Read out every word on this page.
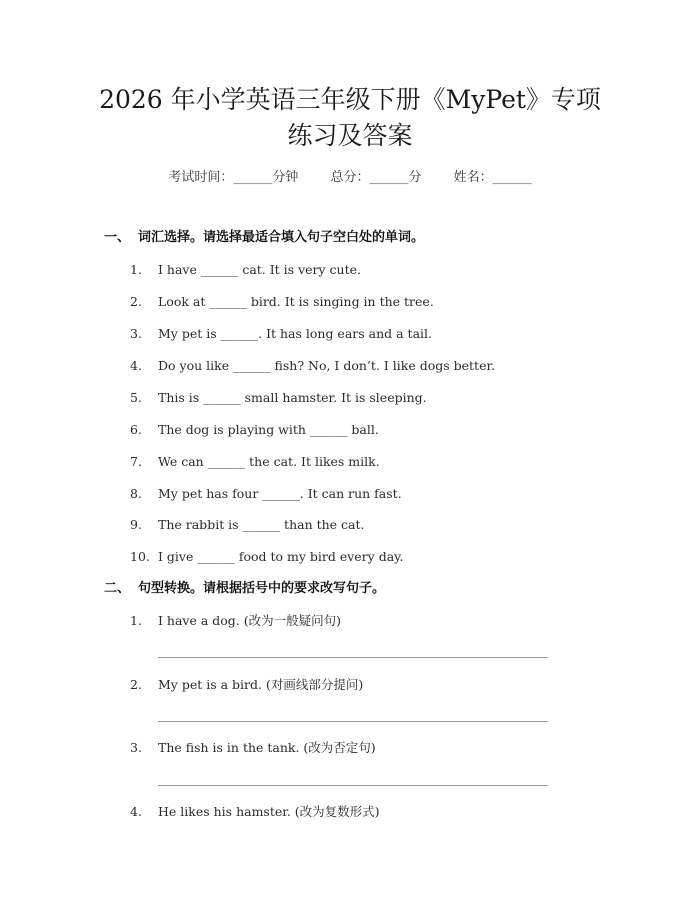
2026 年小学英语三年级下册《MyPet》专项
练习及答案
考试时间：______分钟 总分：______分 姓名：______
一、 词汇选择。请选择最适合填入句子空白处的单词。
1. I have ______ cat. It is very cute.
2. Look at ______ bird. It is singing in the tree.
3. My pet is ______. It has long ears and a tail.
4. Do you like ______ fish? No, I don’t. I like dogs better.
5. This is ______ small hamster. It is sleeping.
6. The dog is playing with ______ ball.
7. We can ______ the cat. It likes milk.
8. My pet has four ______. It can run fast.
9. The rabbit is ______ than the cat.
10. I give ______ food to my bird every day.
二、 句型转换。请根据括号中的要求改写句子。
1. I have a dog. (改为一般疑问句)
2. My pet is a bird. (对画线部分提问)
3. The fish is in the tank. (改为否定句)
4. He likes his hamster. (改为复数形式)
